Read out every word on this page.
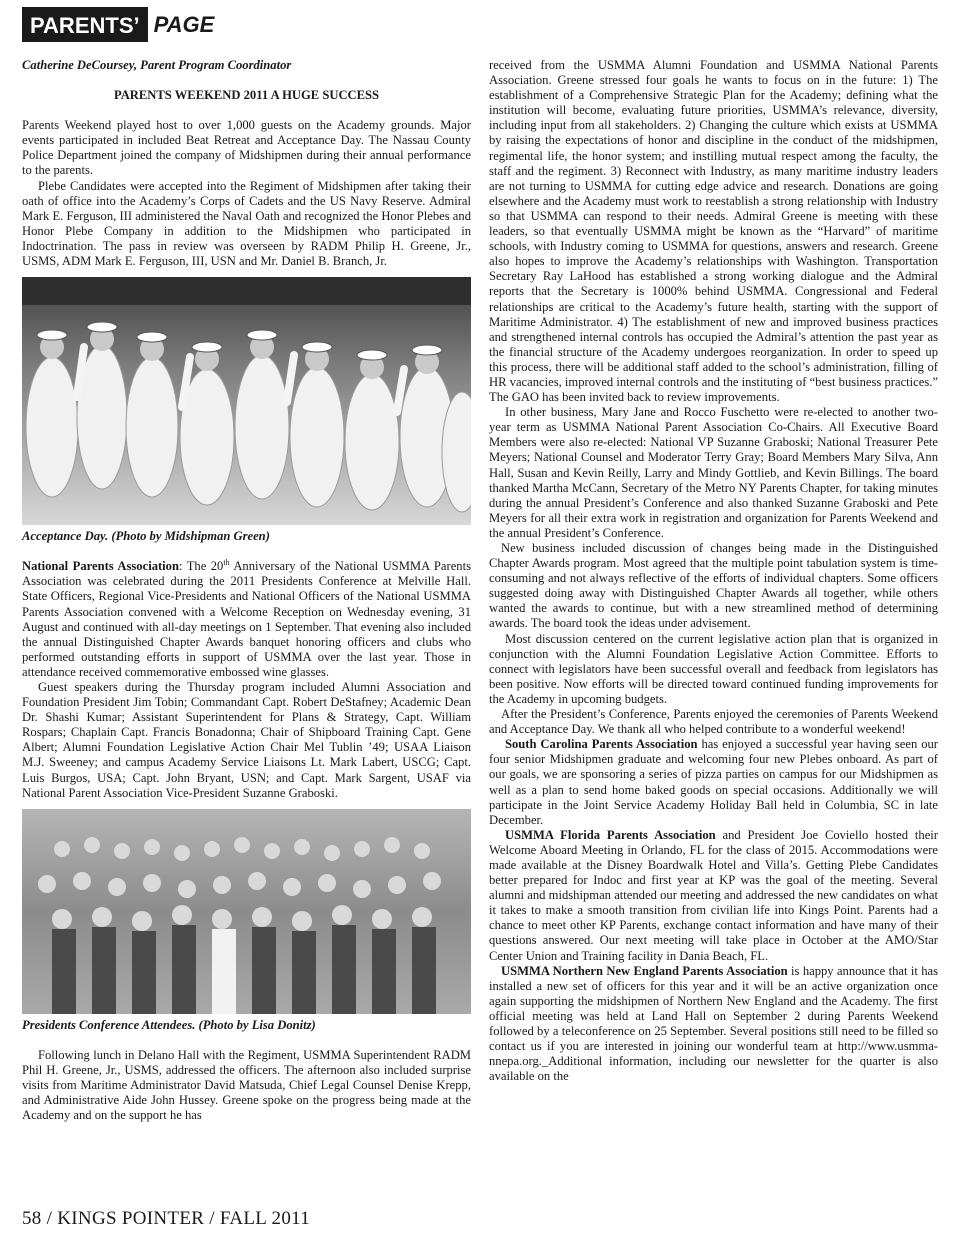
PARENTS’ PAGE

Catherine DeCoursey, Parent Program Coordinator

PARENTS WEEKEND 2011 A HUGE SUCCESS

Parents Weekend played host to over 1,000 guests on the Academy grounds. Major events participated in included Beat Retreat and Acceptance Day. The Nassau County Police Department joined the company of Midshipmen during their annual performance to the parents.

Plebe Candidates were accepted into the Regiment of Midshipmen after taking their oath of office into the Academy’s Corps of Cadets and the US Navy Reserve. Admiral Mark E. Ferguson, III administered the Naval Oath and recognized the Honor Plebes and Honor Plebe Company in addition to the Midshipmen who participated in Indoctrination. The pass in review was overseen by RADM Philip H. Greene, Jr., USMS, ADM Mark E. Ferguson, III, USN and Mr. Daniel B. Branch, Jr.

Acceptance Day. (Photo by Midshipman Green)

National Parents Association: The 20th Anniversary of the National USMMA Parents Association was celebrated during the 2011 Presidents Conference at Melville Hall. State Officers, Regional Vice-Presidents and National Officers of the National USMMA Parents Association convened with a Welcome Reception on Wednesday evening, 31 August and continued with all-day meetings on 1 September. That evening also included the annual Distinguished Chapter Awards banquet honoring officers and clubs who performed outstanding efforts in support of USMMA over the last year. Those in attendance received commemorative embossed wine glasses.

Guest speakers during the Thursday program included Alumni Association and Foundation President Jim Tobin; Commandant Capt. Robert DeStafney; Academic Dean Dr. Shashi Kumar; Assistant Superintendent for Plans & Strategy, Capt. William Rospars; Chaplain Capt. Francis Bonadonna; Chair of Shipboard Training Capt. Gene Albert; Alumni Foundation Legislative Action Chair Mel Tublin ’49; USAA Liaison M.J. Sweeney; and campus Academy Service Liaisons Lt. Mark Labert, USCG; Capt. Luis Burgos, USA; Capt. John Bryant, USN; and Capt. Mark Sargent, USAF via National Parent Association Vice-President Suzanne Graboski.

Presidents Conference Attendees. (Photo by Lisa Donitz)

Following lunch in Delano Hall with the Regiment, USMMA Superintendent RADM Phil H. Greene, Jr., USMS, addressed the officers. The afternoon also included surprise visits from Maritime Administrator David Matsuda, Chief Legal Counsel Denise Krepp, and Administrative Aide John Hussey. Greene spoke on the progress being made at the Academy and on the support he has

received from the USMMA Alumni Foundation and USMMA National Parents Association. Greene stressed four goals he wants to focus on in the future: 1) The establishment of a Comprehensive Strategic Plan for the Academy; defining what the institution will become, evaluating future priorities, USMMA’s relevance, diversity, including input from all stakeholders. 2) Changing the culture which exists at USMMA by raising the expectations of honor and discipline in the conduct of the midshipmen, regimental life, the honor system; and instilling mutual respect among the faculty, the staff and the regiment. 3) Reconnect with Industry, as many maritime industry leaders are not turning to USMMA for cutting edge advice and research. Donations are going elsewhere and the Academy must work to reestablish a strong relationship with Industry so that USMMA can respond to their needs. Admiral Greene is meeting with these leaders, so that eventually USMMA might be known as the “Harvard” of maritime schools, with Industry coming to USMMA for questions, answers and research. Greene also hopes to improve the Academy’s relationships with Washington. Transportation Secretary Ray LaHood has established a strong working dialogue and the Admiral reports that the Secretary is 1000% behind USMMA. Congressional and Federal relationships are critical to the Academy’s future health, starting with the support of Maritime Administrator. 4) The establishment of new and improved business practices and strengthened internal controls has occupied the Admiral’s attention the past year as the financial structure of the Academy undergoes reorganization. In order to speed up this process, there will be additional staff added to the school’s administration, filling of HR vacancies, improved internal controls and the instituting of “best business practices.” The GAO has been invited back to review improvements.

In other business, Mary Jane and Rocco Fuschetto were re-elected to another two-year term as USMMA National Parent Association Co-Chairs. All Executive Board Members were also re-elected: National VP Suzanne Graboski; National Treasurer Pete Meyers; National Counsel and Moderator Terry Gray; Board Members Mary Silva, Ann Hall, Susan and Kevin Reilly, Larry and Mindy Gottlieb, and Kevin Billings. The board thanked Martha McCann, Secretary of the Metro NY Parents Chapter, for taking minutes during the annual President’s Conference and also thanked Suzanne Graboski and Pete Meyers for all their extra work in registration and organization for Parents Weekend and the annual President’s Conference.

New business included discussion of changes being made in the Distinguished Chapter Awards program. Most agreed that the multiple point tabulation system is time-consuming and not always reflective of the efforts of individual chapters. Some officers suggested doing away with Distinguished Chapter Awards all together, while others wanted the awards to continue, but with a new streamlined method of determining awards. The board took the ideas under advisement.

Most discussion centered on the current legislative action plan that is organized in conjunction with the Alumni Foundation Legislative Action Committee. Efforts to connect with legislators have been successful overall and feedback from legislators has been positive. Now efforts will be directed toward continued funding improvements for the Academy in upcoming budgets.

After the President’s Conference, Parents enjoyed the ceremonies of Parents Weekend and Acceptance Day. We thank all who helped contribute to a wonderful weekend!

South Carolina Parents Association has enjoyed a successful year having seen our four senior Midshipmen graduate and welcoming four new Plebes onboard. As part of our goals, we are sponsoring a series of pizza parties on campus for our Midshipmen as well as a plan to send home baked goods on special occasions. Additionally we will participate in the Joint Service Academy Holiday Ball held in Columbia, SC in late December.

USMMA Florida Parents Association and President Joe Coviello hosted their Welcome Aboard Meeting in Orlando, FL for the class of 2015. Accommodations were made available at the Disney Boardwalk Hotel and Villa’s. Getting Plebe Candidates better prepared for Indoc and first year at KP was the goal of the meeting. Several alumni and midshipman attended our meeting and addressed the new candidates on what it takes to make a smooth transition from civilian life into Kings Point. Parents had a chance to meet other KP Parents, exchange contact information and have many of their questions answered. Our next meeting will take place in October at the AMO/Star Center Union and Training facility in Dania Beach, FL.

USMMA Northern New England Parents Association is happy announce that it has installed a new set of officers for this year and it will be an active organization once again supporting the midshipmen of Northern New England and the Academy. The first official meeting was held at Land Hall on September 2 during Parents Weekend followed by a teleconference on 25 September. Several positions still need to be filled so contact us if you are interested in joining our wonderful team at http://www.usmma-nnepa.org._Additional information, including our newsletter for the quarter is also available on the

58 / KINGS POINTER / FALL 2011
